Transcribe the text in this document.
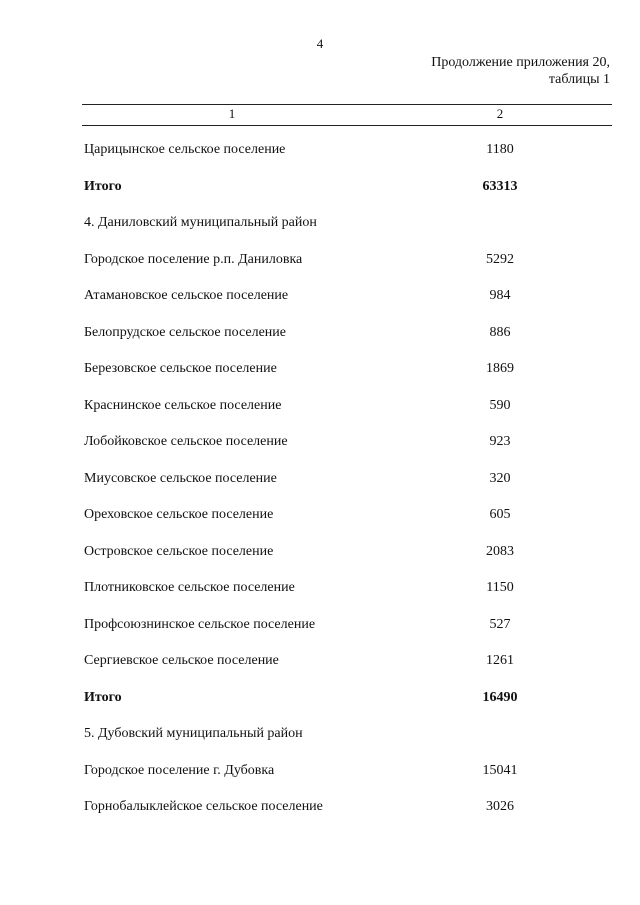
4
Продолжение приложения 20,
таблицы 1
1	2
Царицынское сельское поселение	1180
Итого	63313
4. Даниловский муниципальный район
Городское поселение р.п. Даниловка	5292
Атамановское сельское поселение	984
Белопрудское сельское поселение	886
Березовское сельское поселение	1869
Краснинское сельское поселение	590
Лобойковское сельское поселение	923
Миусовское сельское поселение	320
Ореховское сельское поселение	605
Островское сельское поселение	2083
Плотниковское сельское поселение	1150
Профсоюзнинское сельское поселение	527
Сергиевское сельское поселение	1261
Итого	16490
5. Дубовский муниципальный район
Городское поселение г. Дубовка	15041
Горнобалыклейское сельское поселение	3026
